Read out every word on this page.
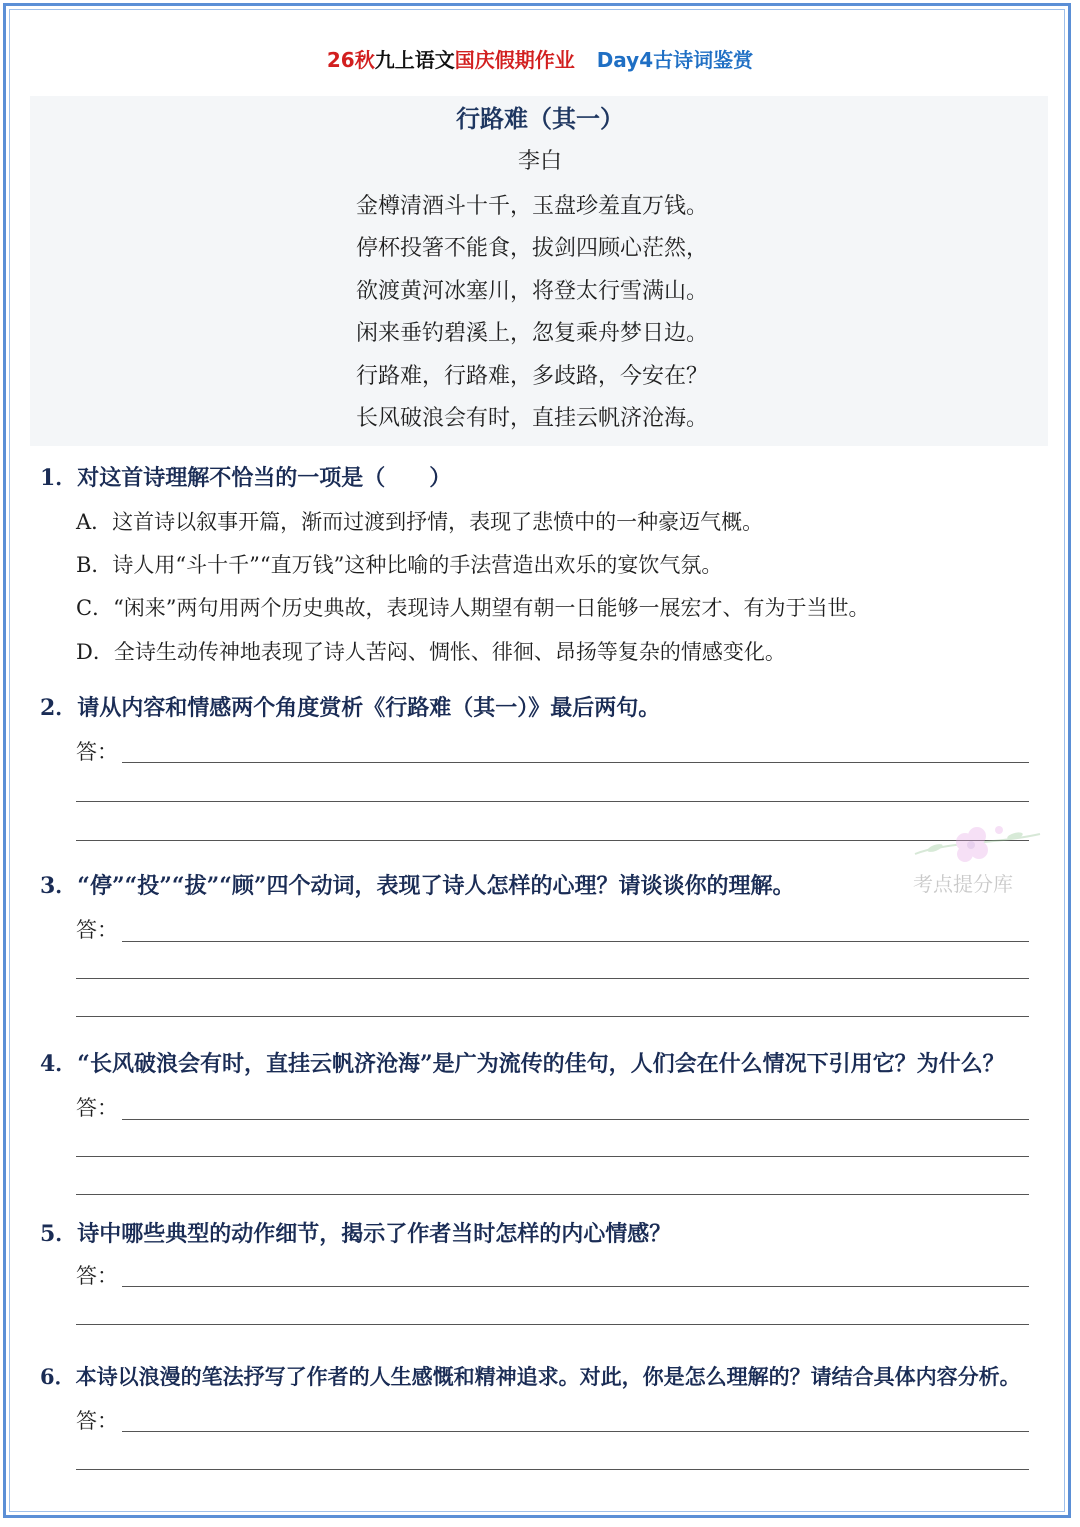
26秋九上语文国庆假期作业 Day4古诗词鉴赏
行路难（其一）
李白
金樽清酒斗十千，玉盘珍羞直万钱。
停杯投箸不能食，拔剑四顾心茫然，
欲渡黄河冰塞川，将登太行雪满山。
闲来垂钓碧溪上，忽复乘舟梦日边。
行路难，行路难，多歧路，今安在？
长风破浪会有时，直挂云帆济沧海。
1．对这首诗理解不恰当的一项是（　　）
A．这首诗以叙事开篇，渐而过渡到抒情，表现了悲愤中的一种豪迈气概。
B．诗人用“斗十千”“直万钱”这种比喻的手法营造出欢乐的宴饮气氛。
C．“闲来”两句用两个历史典故，表现诗人期望有朝一日能够一展宏才、有为于当世。
D．全诗生动传神地表现了诗人苦闷、惆怅、徘徊、昂扬等复杂的情感变化。
2．请从内容和情感两个角度赏析《行路难（其一）》最后两句。
答：
考点提分库
3．“停”“投”“拔”“顾”四个动词，表现了诗人怎样的心理？请谈谈你的理解。
答：
4．“长风破浪会有时，直挂云帆济沧海”是广为流传的佳句，人们会在什么情况下引用它？为什么？
答：
5．诗中哪些典型的动作细节，揭示了作者当时怎样的内心情感？
答：
6．本诗以浪漫的笔法抒写了作者的人生感慨和精神追求。对此，你是怎么理解的？请结合具体内容分析。
答：
